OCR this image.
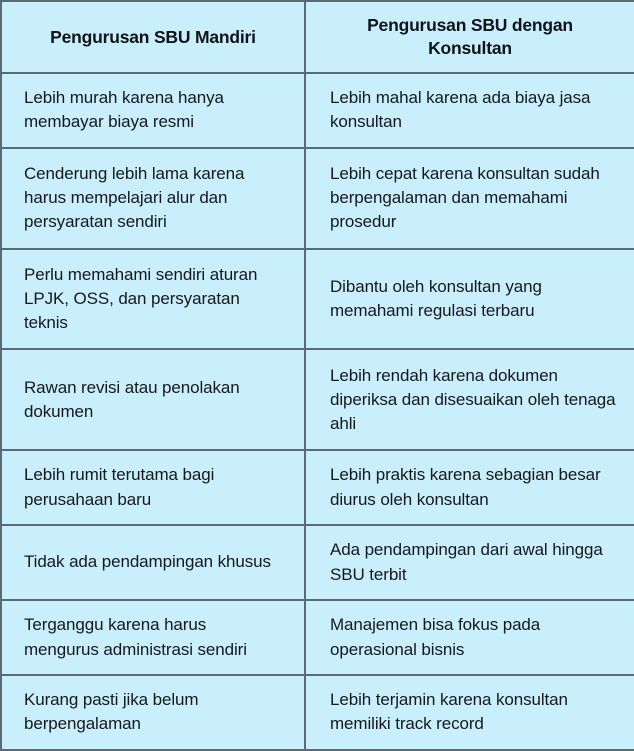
Pengurusan SBU Mandiri	Pengurusan SBU dengan Konsultan

Lebih murah karena hanya membayar biaya resmi	Lebih mahal karena ada biaya jasa konsultan

Cenderung lebih lama karena harus mempelajari alur dan persyaratan sendiri	Lebih cepat karena konsultan sudah berpengalaman dan memahami prosedur

Perlu memahami sendiri aturan LPJK, OSS, dan persyaratan teknis	Dibantu oleh konsultan yang memahami regulasi terbaru

Rawan revisi atau penolakan dokumen	Lebih rendah karena dokumen diperiksa dan disesuaikan oleh tenaga ahli

Lebih rumit terutama bagi perusahaan baru	Lebih praktis karena sebagian besar diurus oleh konsultan

Tidak ada pendampingan khusus	Ada pendampingan dari awal hingga SBU terbit

Terganggu karena harus mengurus administrasi sendiri	Manajemen bisa fokus pada operasional bisnis

Kurang pasti jika belum berpengalaman	Lebih terjamin karena konsultan memiliki track record
